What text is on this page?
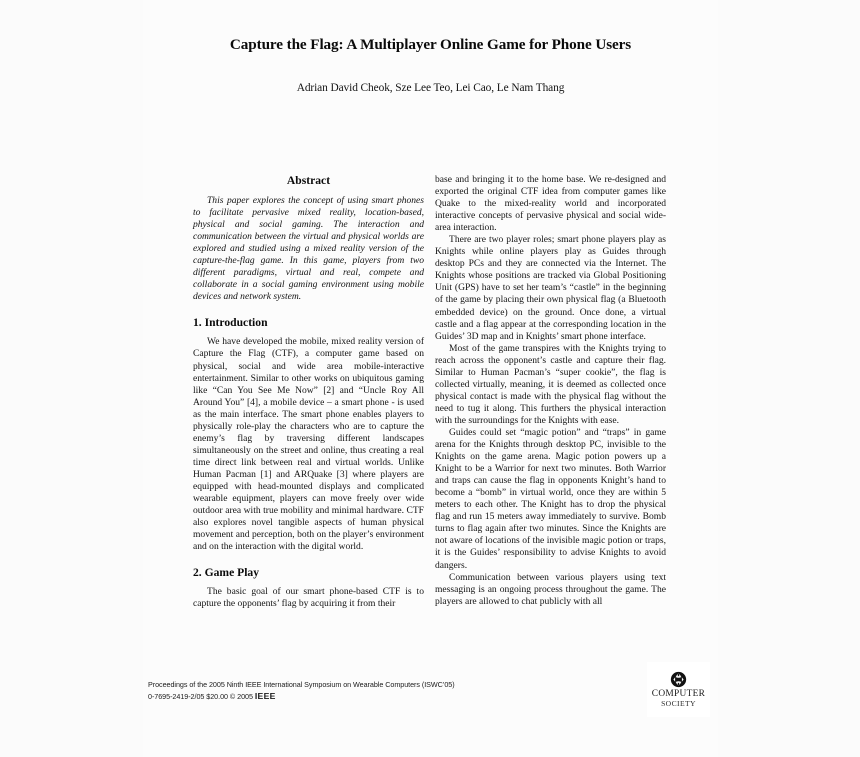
Capture the Flag: A Multiplayer Online Game for Phone Users
Adrian David Cheok, Sze Lee Teo, Lei Cao, Le Nam Thang
Abstract

This paper explores the concept of using smart phones to facilitate pervasive mixed reality, location-based, physical and social gaming. The interaction and communication between the virtual and physical worlds are explored and studied using a mixed reality version of the capture-the-flag game. In this game, players from two different paradigms, virtual and real, compete and collaborate in a social gaming environment using mobile devices and network system.

1. Introduction

We have developed the mobile, mixed reality version of Capture the Flag (CTF), a computer game based on physical, social and wide area mobile-interactive entertainment. Similar to other works on ubiquitous gaming like “Can You See Me Now” [2] and “Uncle Roy All Around You” [4], a mobile device – a smart phone - is used as the main interface. The smart phone enables players to physically role-play the characters who are to capture the enemy’s flag by traversing different landscapes simultaneously on the street and online, thus creating a real time direct link between real and virtual worlds. Unlike Human Pacman [1] and ARQuake [3] where players are equipped with head-mounted displays and complicated wearable equipment, players can move freely over wide outdoor area with true mobility and minimal hardware. CTF also explores novel tangible aspects of human physical movement and perception, both on the player’s environment and on the interaction with the digital world.

2. Game Play

The basic goal of our smart phone-based CTF is to capture the opponents’ flag by acquiring it from their

base and bringing it to the home base. We re-designed and exported the original CTF idea from computer games like Quake to the mixed-reality world and incorporated interactive concepts of pervasive physical and social wide-area interaction.

There are two player roles; smart phone players play as Knights while online players play as Guides through desktop PCs and they are connected via the Internet. The Knights whose positions are tracked via Global Positioning Unit (GPS) have to set her team’s “castle” in the beginning of the game by placing their own physical flag (a Bluetooth embedded device) on the ground. Once done, a virtual castle and a flag appear at the corresponding location in the Guides’ 3D map and in Knights’ smart phone interface.

Most of the game transpires with the Knights trying to reach across the opponent’s castle and capture their flag. Similar to Human Pacman’s “super cookie”, the flag is collected virtually, meaning, it is deemed as collected once physical contact is made with the physical flag without the need to tug it along. This furthers the physical interaction with the surroundings for the Knights with ease.

Guides could set “magic potion” and “traps” in game arena for the Knights through desktop PC, invisible to the Knights on the game arena. Magic potion powers up a Knight to be a Warrior for next two minutes. Both Warrior and traps can cause the flag in opponents Knight’s hand to become a “bomb” in virtual world, once they are within 5 meters to each other. The Knight has to drop the physical flag and run 15 meters away immediately to survive. Bomb turns to flag again after two minutes. Since the Knights are not aware of locations of the invisible magic potion or traps, it is the Guides’ responsibility to advise Knights to avoid dangers.

Communication between various players using text messaging is an ongoing process throughout the game. The players are allowed to chat publicly with all

Proceedings of the 2005 Ninth IEEE International Symposium on Wearable Computers (ISWC’05)
0-7695-2419-2/05 $20.00 © 2005 IEEE	COMPUTER
SOCIETY
